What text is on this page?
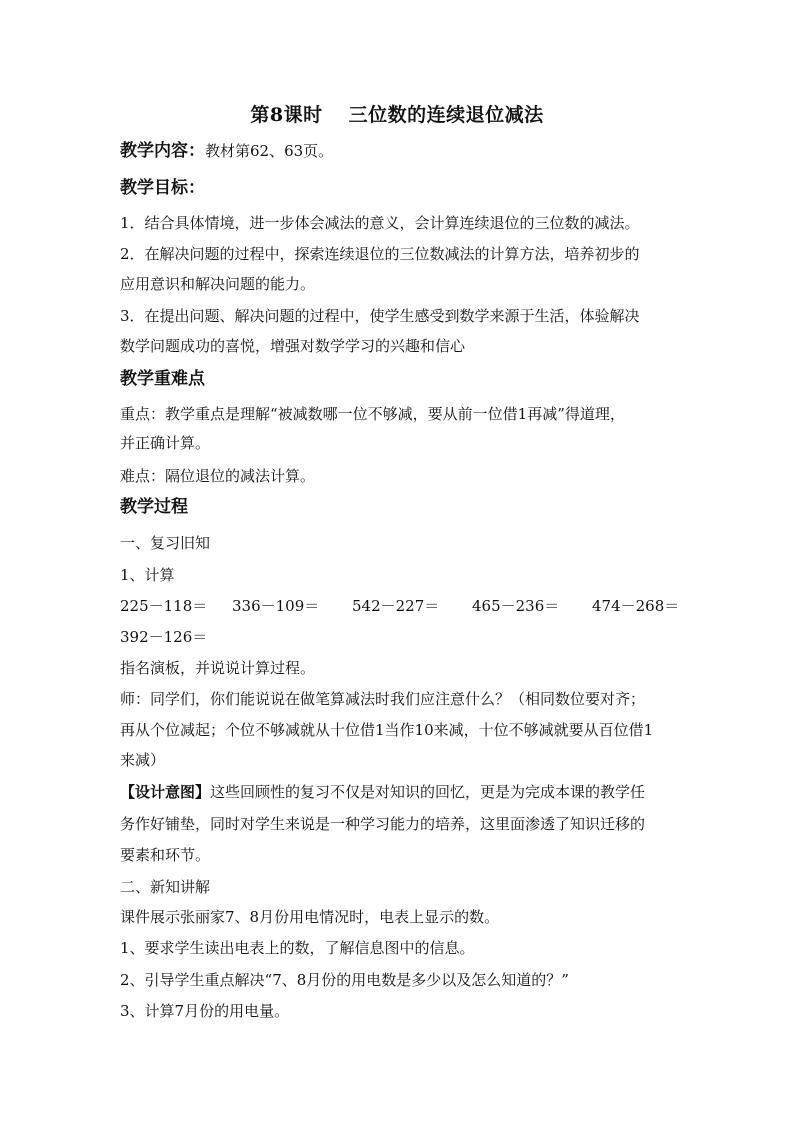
第8课时 三位数的连续退位减法
教学内容：教材第62、63页。
教学目标：
1．结合具体情境，进一步体会减法的意义，会计算连续退位的三位数的减法。
2．在解决问题的过程中，探索连续退位的三位数减法的计算方法，培养初步的
应用意识和解决问题的能力。
3．在提出问题、解决问题的过程中，使学生感受到数学来源于生活，体验解决
数学问题成功的喜悦，增强对数学学习的兴趣和信心
教学重难点
重点：教学重点是理解“被减数哪一位不够减，要从前一位借1再减”得道理，
并正确计算。
难点：隔位退位的减法计算。
教学过程
一、复习旧知
1、计算
225－118＝ 336－109＝ 542－227＝ 465－236＝ 474－268＝
392－126＝
指名演板，并说说计算过程。
师：同学们，你们能说说在做笔算减法时我们应注意什么？（相同数位要对齐；
再从个位减起；个位不够减就从十位借1当作10来减，十位不够减就要从百位借1
来减）
【设计意图】这些回顾性的复习不仅是对知识的回忆，更是为完成本课的教学任
务作好铺垫，同时对学生来说是一种学习能力的培养，这里面渗透了知识迁移的
要素和环节。
二、新知讲解
课件展示张丽家7、8月份用电情况时，电表上显示的数。
1、要求学生读出电表上的数，了解信息图中的信息。
2、引导学生重点解决“7、8月份的用电数是多少以及怎么知道的？”
3、计算7月份的用电量。
